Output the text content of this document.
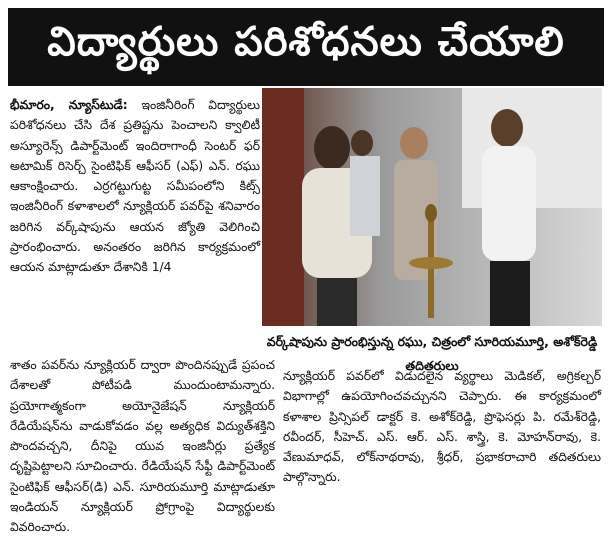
విద్యార్థులు పరిశోధనలు చేయాలి

భీమారం, న్యూస్‌టుడే: ఇంజినీరింగ్ విద్యార్థులు పరిశోధనలు చేసి దేశ ప్రతిష్టను పెంచాలని క్వాలిటీ అస్యూరెన్స్ డిపార్ట్‌మెంట్ ఇందిరాగాంధీ సెంటర్ ఫర్ అటామిక్ రిసెర్చ్ సైంటిఫిక్ ఆఫీసర్ (ఎఫ్) ఎన్. రఘు ఆకాంక్షించారు. ఎర్రగట్టుగుట్ట సమీపంలోని కిట్స్ ఇంజినీరింగ్ కళాశాలలో న్యూక్లియర్ పవర్‌పై శనివారం జరిగిన వర్క్‌షాపును ఆయన జ్యోతి వెలిగించి ప్రారంభించారు. అనంతరం జరిగిన కార్యక్రమంలో ఆయన మాట్లాడుతూ దేశానికి 1/4

వర్క్‌షాపును ప్రారంభిస్తున్న రఘు, చిత్రంలో సూరియమూర్తి, అశోక్‌రెడ్డి తదితరులు

శాతం పవర్‌ను న్యూక్లియర్ ద్వారా పొందినప్పుడే ప్రపంచ దేశాలతో పోటీపడి ముందుంటామన్నారు. ప్రయోగాత్మకంగా అయోనైజేషన్ న్యూక్లియర్ రేడియేషన్‌ను వాడుకోవడం వల్ల అత్యధిక విద్యుత్‌శక్తిని పొందవచ్చని, దీనిపై యువ ఇంజినీర్లు ప్రత్యేక దృష్టిపెట్టాలని సూచించారు. రేడియేషన్ సేఫ్టీ డిపార్ట్‌మెంట్ సైంటిఫిక్ ఆఫీసర్(డి) ఎన్. సూరియమూర్తి మాట్లాడుతూ ఇండియన్ న్యూక్లియర్ ప్రోగ్రాంపై విద్యార్థులకు వివరించారు.

న్యూక్లియర్ పవర్‌లో విడుదలైన వ్యర్థాలు మెడికల్, అగ్రికల్చర్ విభాగాల్లో ఉపయోగించవచ్చునని చెప్పారు. ఈ కార్యక్రమంలో కళాశాల ప్రిన్సిపల్ డాక్టర్ కె. అశోక్‌రెడ్డి, ప్రొఫెసర్లు పి. రమేశ్‌రెడ్డి, రవీందర్, సీహెచ్. ఎస్. ఆర్. ఎస్. శాస్త్రి, కె. మోహన్‌రావు, కె. వేణుమాధవ్, లోక్‌నాథరావు, శ్రీధర్, ప్రభాకరాచారి తదితరులు పాల్గొన్నారు.
